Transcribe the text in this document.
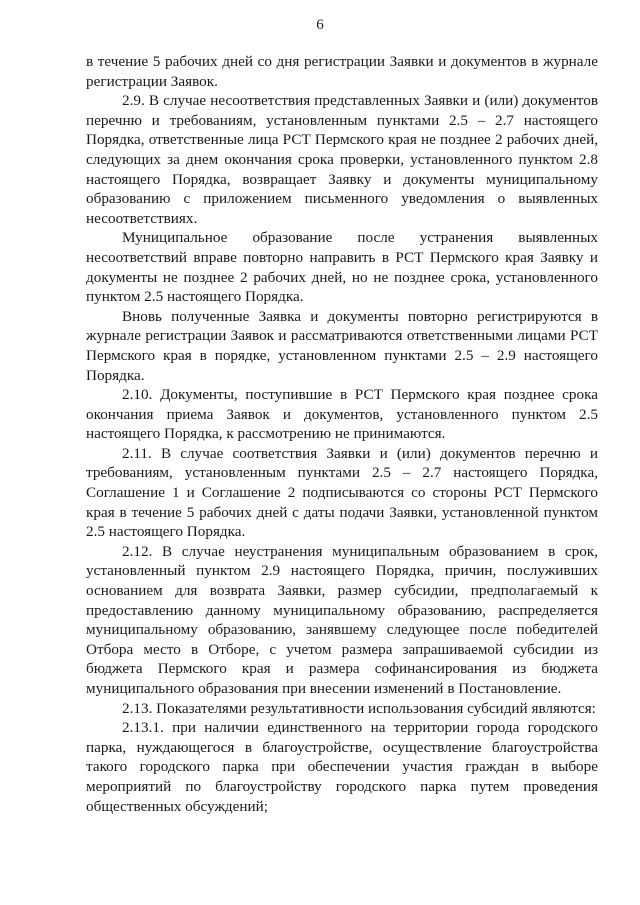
6

в течение 5 рабочих дней со дня регистрации Заявки и документов в журнале регистрации Заявок.

2.9. В случае несоответствия представленных Заявки и (или) документов перечню и требованиям, установленным пунктами 2.5 – 2.7 настоящего Порядка, ответственные лица РСТ Пермского края не позднее 2 рабочих дней, следующих за днем окончания срока проверки, установленного пунктом 2.8 настоящего Порядка, возвращает Заявку и документы муниципальному образованию с приложением письменного уведомления о выявленных несоответствиях.

Муниципальное образование после устранения выявленных несоответствий вправе повторно направить в РСТ Пермского края Заявку и документы не позднее 2 рабочих дней, но не позднее срока, установленного пунктом 2.5 настоящего Порядка.

Вновь полученные Заявка и документы повторно регистрируются в журнале регистрации Заявок и рассматриваются ответственными лицами РСТ Пермского края в порядке, установленном пунктами 2.5 – 2.9 настоящего Порядка.

2.10. Документы, поступившие в РСТ Пермского края позднее срока окончания приема Заявок и документов, установленного пунктом 2.5 настоящего Порядка, к рассмотрению не принимаются.

2.11. В случае соответствия Заявки и (или) документов перечню и требованиям, установленным пунктами 2.5 – 2.7 настоящего Порядка, Соглашение 1 и Соглашение 2 подписываются со стороны РСТ Пермского края в течение 5 рабочих дней с даты подачи Заявки, установленной пунктом 2.5 настоящего Порядка.

2.12. В случае неустранения муниципальным образованием в срок, установленный пунктом 2.9 настоящего Порядка, причин, послуживших основанием для возврата Заявки, размер субсидии, предполагаемый к предоставлению данному муниципальному образованию, распределяется муниципальному образованию, занявшему следующее после победителей Отбора место в Отборе, с учетом размера запрашиваемой субсидии из бюджета Пермского края и размера софинансирования из бюджета муниципального образования при внесении изменений в Постановление.

2.13. Показателями результативности использования субсидий являются:

2.13.1. при наличии единственного на территории города городского парка, нуждающегося в благоустройстве, осуществление благоустройства такого городского парка при обеспечении участия граждан в выборе мероприятий по благоустройству городского парка путем проведения общественных обсуждений;
